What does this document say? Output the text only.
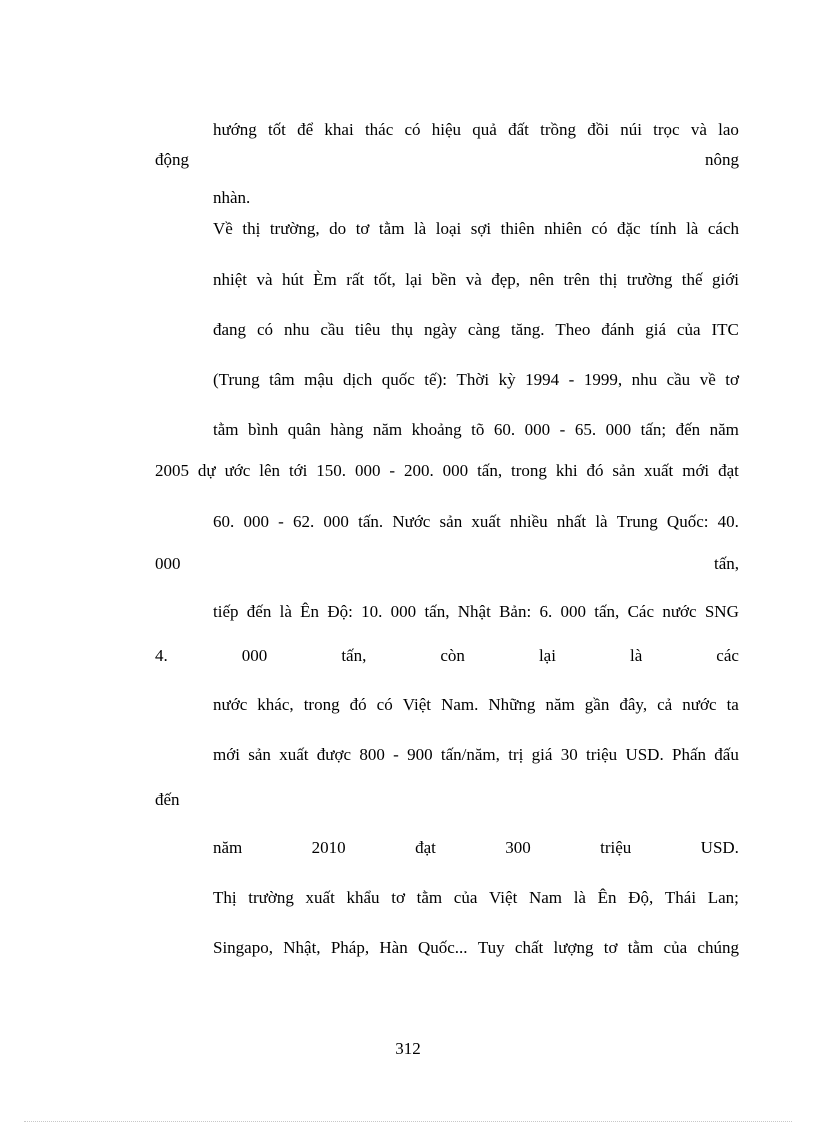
hướng tốt để khai thác có hiệu quả đất trồng đồi núi trọc và lao
động	nông
nhàn.
Về thị trường, do tơ tằm là loại sợi thiên nhiên có đặc tính là cách
nhiệt và hút Èm rất tốt, lại bền và đẹp, nên trên thị trường thế giới
đang có nhu cầu tiêu thụ ngày càng tăng. Theo đánh giá của ITC
(Trung tâm mậu dịch quốc tế): Thời kỳ 1994 - 1999, nhu cầu về tơ
tằm bình quân hàng năm khoảng tõ 60. 000 - 65. 000 tấn; đến năm
2005 dự ước lên tới 150. 000 - 200. 000 tấn, trong khi đó sản xuất mới đạt
60. 000 - 62. 000 tấn. Nước sản xuất nhiều nhất là Trung Quốc: 40.
000	tấn,
tiếp đến là Ên Độ: 10. 000 tấn, Nhật Bản: 6. 000 tấn, Các nước SNG
4.	000	tấn,	còn	lại	là	các
nước khác, trong đó có Việt Nam. Những năm gần đây, cả nước ta
mới sản xuất được 800 - 900 tấn/năm, trị giá 30 triệu USD. Phấn đấu
đến
năm	2010	đạt	300	triệu	USD.
Thị trường xuất khẩu tơ tằm của Việt Nam là Ên Độ, Thái Lan;
Singapo, Nhật, Pháp, Hàn Quốc... Tuy chất lượng tơ tằm của chúng
312
